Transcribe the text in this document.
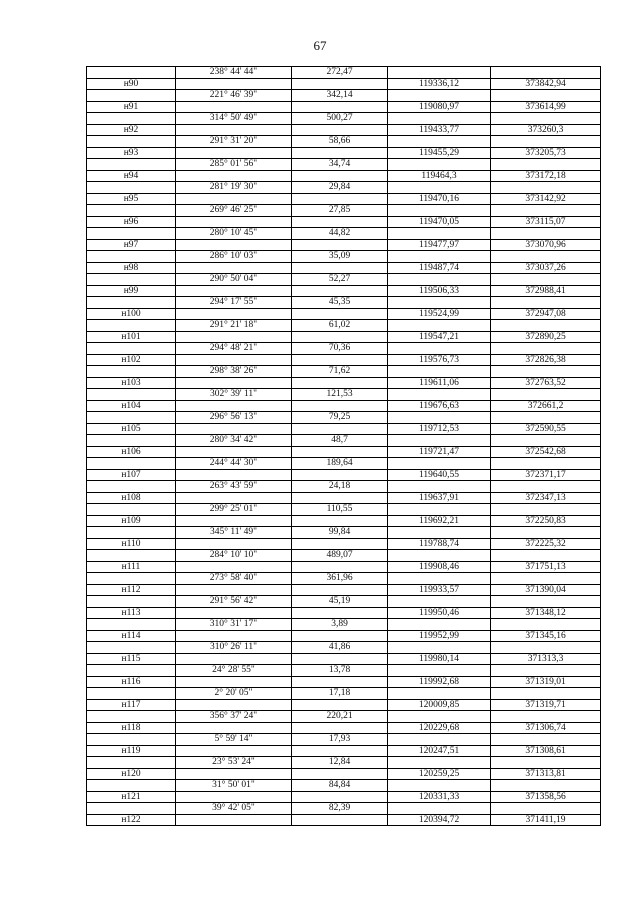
67
	238° 44' 44"	272,47		
н90			119336,12	373842,94
	221° 46' 39"	342,14		
н91			119080,97	373614,99
	314° 50' 49"	500,27		
н92			119433,77	373260,3
	291° 31' 20"	58,66		
н93			119455,29	373205,73
	285° 01' 56"	34,74		
н94			119464,3	373172,18
	281° 19' 30"	29,84		
н95			119470,16	373142,92
	269° 46' 25"	27,85		
н96			119470,05	373115,07
	280° 10' 45"	44,82		
н97			119477,97	373070,96
	286° 10' 03"	35,09		
н98			119487,74	373037,26
	290° 50' 04"	52,27		
н99			119506,33	372988,41
	294° 17' 55"	45,35		
н100			119524,99	372947,08
	291° 21' 18"	61,02		
н101			119547,21	372890,25
	294° 48' 21"	70,36		
н102			119576,73	372826,38
	298° 38' 26"	71,62		
н103			119611,06	372763,52
	302° 39' 11"	121,53		
н104			119676,63	372661,2
	296° 56' 13"	79,25		
н105			119712,53	372590,55
	280° 34' 42"	48,7		
н106			119721,47	372542,68
	244° 44' 30"	189,64		
н107			119640,55	372371,17
	263° 43' 59"	24,18		
н108			119637,91	372347,13
	299° 25' 01"	110,55		
н109			119692,21	372250,83
	345° 11' 49"	99,84		
н110			119788,74	372225,32
	284° 10' 10"	489,07		
н111			119908,46	371751,13
	273° 58' 40"	361,96		
н112			119933,57	371390,04
	291° 56' 42"	45,19		
н113			119950,46	371348,12
	310° 31' 17"	3,89		
н114			119952,99	371345,16
	310° 26' 11"	41,86		
н115			119980,14	371313,3
	24° 28' 55"	13,78		
н116			119992,68	371319,01
	2° 20' 05"	17,18		
н117			120009,85	371319,71
	356° 37' 24"	220,21		
н118			120229,68	371306,74
	5° 59' 14"	17,93		
н119			120247,51	371308,61
	23° 53' 24"	12,84		
н120			120259,25	371313,81
	31° 50' 01"	84,84		
н121			120331,33	371358,56
	39° 42' 05"	82,39		
н122			120394,72	371411,19
